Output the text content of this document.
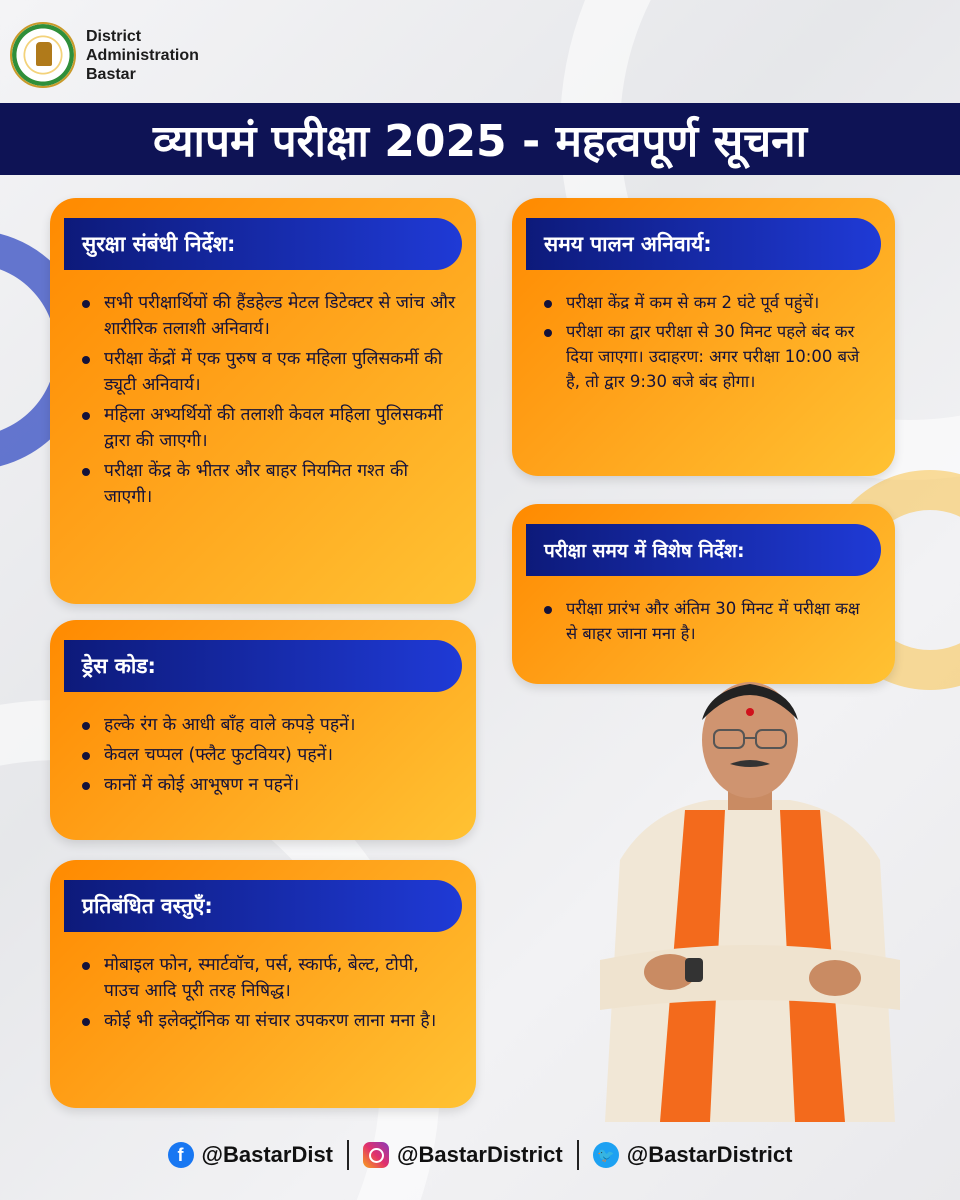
District
Administration
Bastar
व्यापमं परीक्षा 2025 - महत्वपूर्ण सूचना
सुरक्षा संबंधी निर्देश:
सभी परीक्षार्थियों की हैंडहेल्ड मेटल डिटेक्टर से जांच और शारीरिक तलाशी अनिवार्य।
परीक्षा केंद्रों में एक पुरुष व एक महिला पुलिसकर्मी की ड्यूटी अनिवार्य।
महिला अभ्यर्थियों की तलाशी केवल महिला पुलिसकर्मी द्वारा की जाएगी।
परीक्षा केंद्र के भीतर और बाहर नियमित गश्त की जाएगी।
समय पालन अनिवार्य:
परीक्षा केंद्र में कम से कम 2 घंटे पूर्व पहुंचें।
परीक्षा का द्वार परीक्षा से 30 मिनट पहले बंद कर दिया जाएगा। उदाहरण: अगर परीक्षा 10:00 बजे है, तो द्वार 9:30 बजे बंद होगा।
परीक्षा समय में विशेष निर्देश:
परीक्षा प्रारंभ और अंतिम 30 मिनट में परीक्षा कक्ष से बाहर जाना मना है।
ड्रेस कोड:
हल्के रंग के आधी बाँह वाले कपड़े पहनें।
केवल चप्पल (फ्लैट फुटवियर) पहनें।
कानों में कोई आभूषण न पहनें।
प्रतिबंधित वस्तुएँ:
मोबाइल फोन, स्मार्टवॉच, पर्स, स्कार्फ, बेल्ट, टोपी, पाउच आदि पूरी तरह निषिद्ध।
कोई भी इलेक्ट्रॉनिक या संचार उपकरण लाना मना है।
f @BastarDist	@BastarDistrict	🐦 @BastarDistrict
